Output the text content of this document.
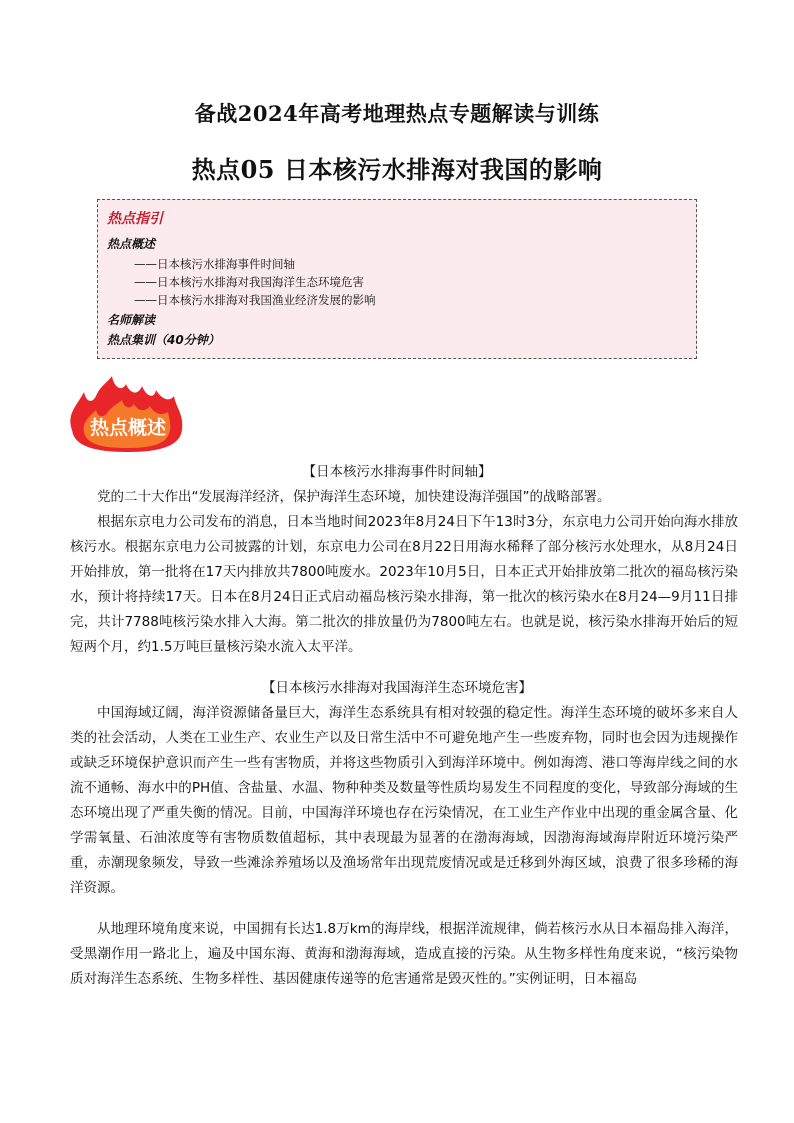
备战2024年高考地理热点专题解读与训练
热点05 日本核污水排海对我国的影响
热点指引
热点概述
——日本核污水排海事件时间轴
——日本核污水排海对我国海洋生态环境危害
——日本核污水排海对我国渔业经济发展的影响
名师解读
热点集训（40分钟）
热点概述
【日本核污水排海事件时间轴】
党的二十大作出“发展海洋经济，保护海洋生态环境，加快建设海洋强国”的战略部署。
根据东京电力公司发布的消息，日本当地时间2023年8月24日下午13时3分，东京电力公司开始向海水排放核污水。根据东京电力公司披露的计划，东京电力公司在8月22日用海水稀释了部分核污水处理水，从8月24日开始排放，第一批将在17天内排放共7800吨废水。2023年10月5日，日本正式开始排放第二批次的福岛核污染水，预计将持续17天。日本在8月24日正式启动福岛核污染水排海，第一批次的核污染水在8月24—9月11日排完，共计7788吨核污染水排入大海。第二批次的排放量仍为7800吨左右。也就是说，核污染水排海开始后的短短两个月，约1.5万吨巨量核污染水流入太平洋。
【日本核污水排海对我国海洋生态环境危害】
中国海域辽阔，海洋资源储备量巨大，海洋生态系统具有相对较强的稳定性。海洋生态环境的破坏多来自人类的社会活动，人类在工业生产、农业生产以及日常生活中不可避免地产生一些废弃物，同时也会因为违规操作或缺乏环境保护意识而产生一些有害物质，并将这些物质引入到海洋环境中。例如海湾、港口等海岸线之间的水流不通畅、海水中的PH值、含盐量、水温、物种种类及数量等性质均易发生不同程度的变化，导致部分海域的生态环境出现了严重失衡的情况。目前，中国海洋环境也存在污染情况，在工业生产作业中出现的重金属含量、化学需氧量、石油浓度等有害物质数值超标，其中表现最为显著的在渤海海域，因渤海海域海岸附近环境污染严重，赤潮现象频发，导致一些滩涂养殖场以及渔场常年出现荒废情况或是迁移到外海区域，浪费了很多珍稀的海洋资源。
从地理环境角度来说，中国拥有长达1.8万km的海岸线，根据洋流规律，倘若核污水从日本福岛排入海洋，受黑潮作用一路北上，遍及中国东海、黄海和渤海海域，造成直接的污染。从生物多样性角度来说，“核污染物质对海洋生态系统、生物多样性、基因健康传递等的危害通常是毁灭性的。”实例证明，日本福岛
